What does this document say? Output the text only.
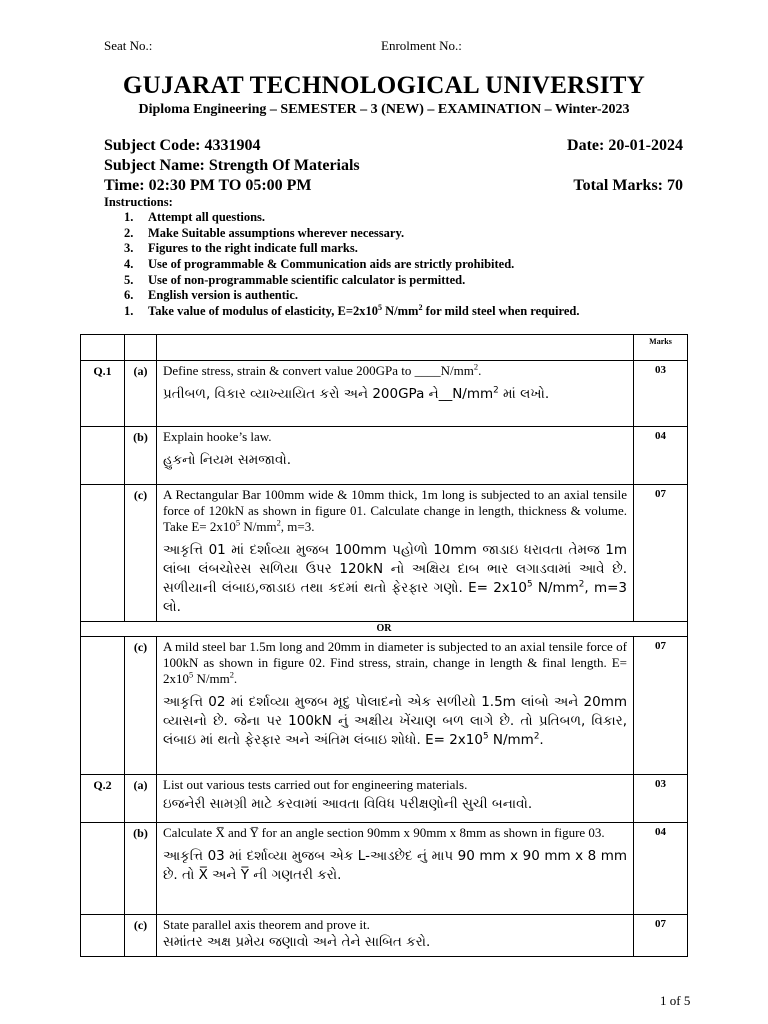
Seat No.:	Enrolment No.:
GUJARAT TECHNOLOGICAL UNIVERSITY
Diploma Engineering – SEMESTER – 3 (NEW) – EXAMINATION – Winter-2023
Subject Code: 4331904	Date: 20-01-2024
Subject Name: Strength Of Materials
Time: 02:30 PM TO 05:00 PM	Total Marks: 70
Instructions:
1. Attempt all questions.
2. Make Suitable assumptions wherever necessary.
3. Figures to the right indicate full marks.
4. Use of programmable & Communication aids are strictly prohibited.
5. Use of non-programmable scientific calculator is permitted.
6. English version is authentic.
1. Take value of modulus of elasticity, $E=2x10^5$ $N/mm^2$ for mild steel when required.
			Marks
Q.1	(a)	Define stress, strain & convert value 200GPa to $\_\_\_\_N/mm^2$.
પ્રતીબળ, વિકાર વ્યાખ્યાયિત કરો અને 200GPa $ને\_\_N/mm^2$ માં લખો.	03
	(b)	Explain hooke’s law.
હુકનો નિયમ સમજાવો.	04
	(c)	A Rectangular Bar 100mm wide & 10mm thick, 1m long is subjected to an axial tensile force of 120kN as shown in figure 01. Calculate change in length, thickness & volume. Take $E= 2x10^5$ $N/mm^2$, m=3.
આકૃત્તિ 01 માં દર્શાવ્યા મુજબ 100mm પહોળો 10mm જાડાઇ ધરાવતા તેમજ 1m લાંબા લંબચોરસ સળિયા ઉપર 120kN નો અક્ષિય દાબ ભાર લગાડવામાં આવે છે. સળીયાની લંબાઇ,જાડાઇ તથા કદમાં થતો ફેરફાર ગણો. $E= 2x10^5$ $N/mm^2$, m=3 લો.	07
OR			
	(c)	A mild steel bar 1.5m long and 20mm in diameter is subjected to an axial tensile force of 100kN as shown in figure 02. Find stress, strain, change in length & final length. $E= 2x10^5$ $N/mm^2$.
આકૃત્તિ 02 માં દર્શાવ્યા મુજબ મૃદુ પોલાદનો એક સળીયો 1.5m લાંબો અને 20mm વ્યાસનો છે. જેના પર 100kN નું અક્ષીય ખેંચાણ બળ લાગે છે. તો પ્રતિબળ, વિકાર, લંબાઇ માં થતો ફેરફાર અને અંતિમ લંબાઇ શોધો. $E= 2x10^5$ $N/mm^2$.	07
Q.2	(a)	List out various tests carried out for engineering materials.
ઇજનેરી સામગ્રી માટે કરવામાં આવતા વિવિધ પરીક્ષણોની સુચી બનાવો.	03
	(b)	Calculate X̅ and Y̅ for an angle section 90mm x 90mm x 8mm as shown in figure 03.
આકૃત્તિ 03 માં દર્શાવ્યા મુજબ એક L-આડછેદ નું માપ 90 mm x 90 mm x 8 mm છે. તો X̅ અને Y̅ ની ગણતરી કરો.	04
	(c)	State parallel axis theorem and prove it.
સમાંતર અક્ષ પ્રમેય જણાવો અને તેને સાબિત કરો.	07
1 of 5
